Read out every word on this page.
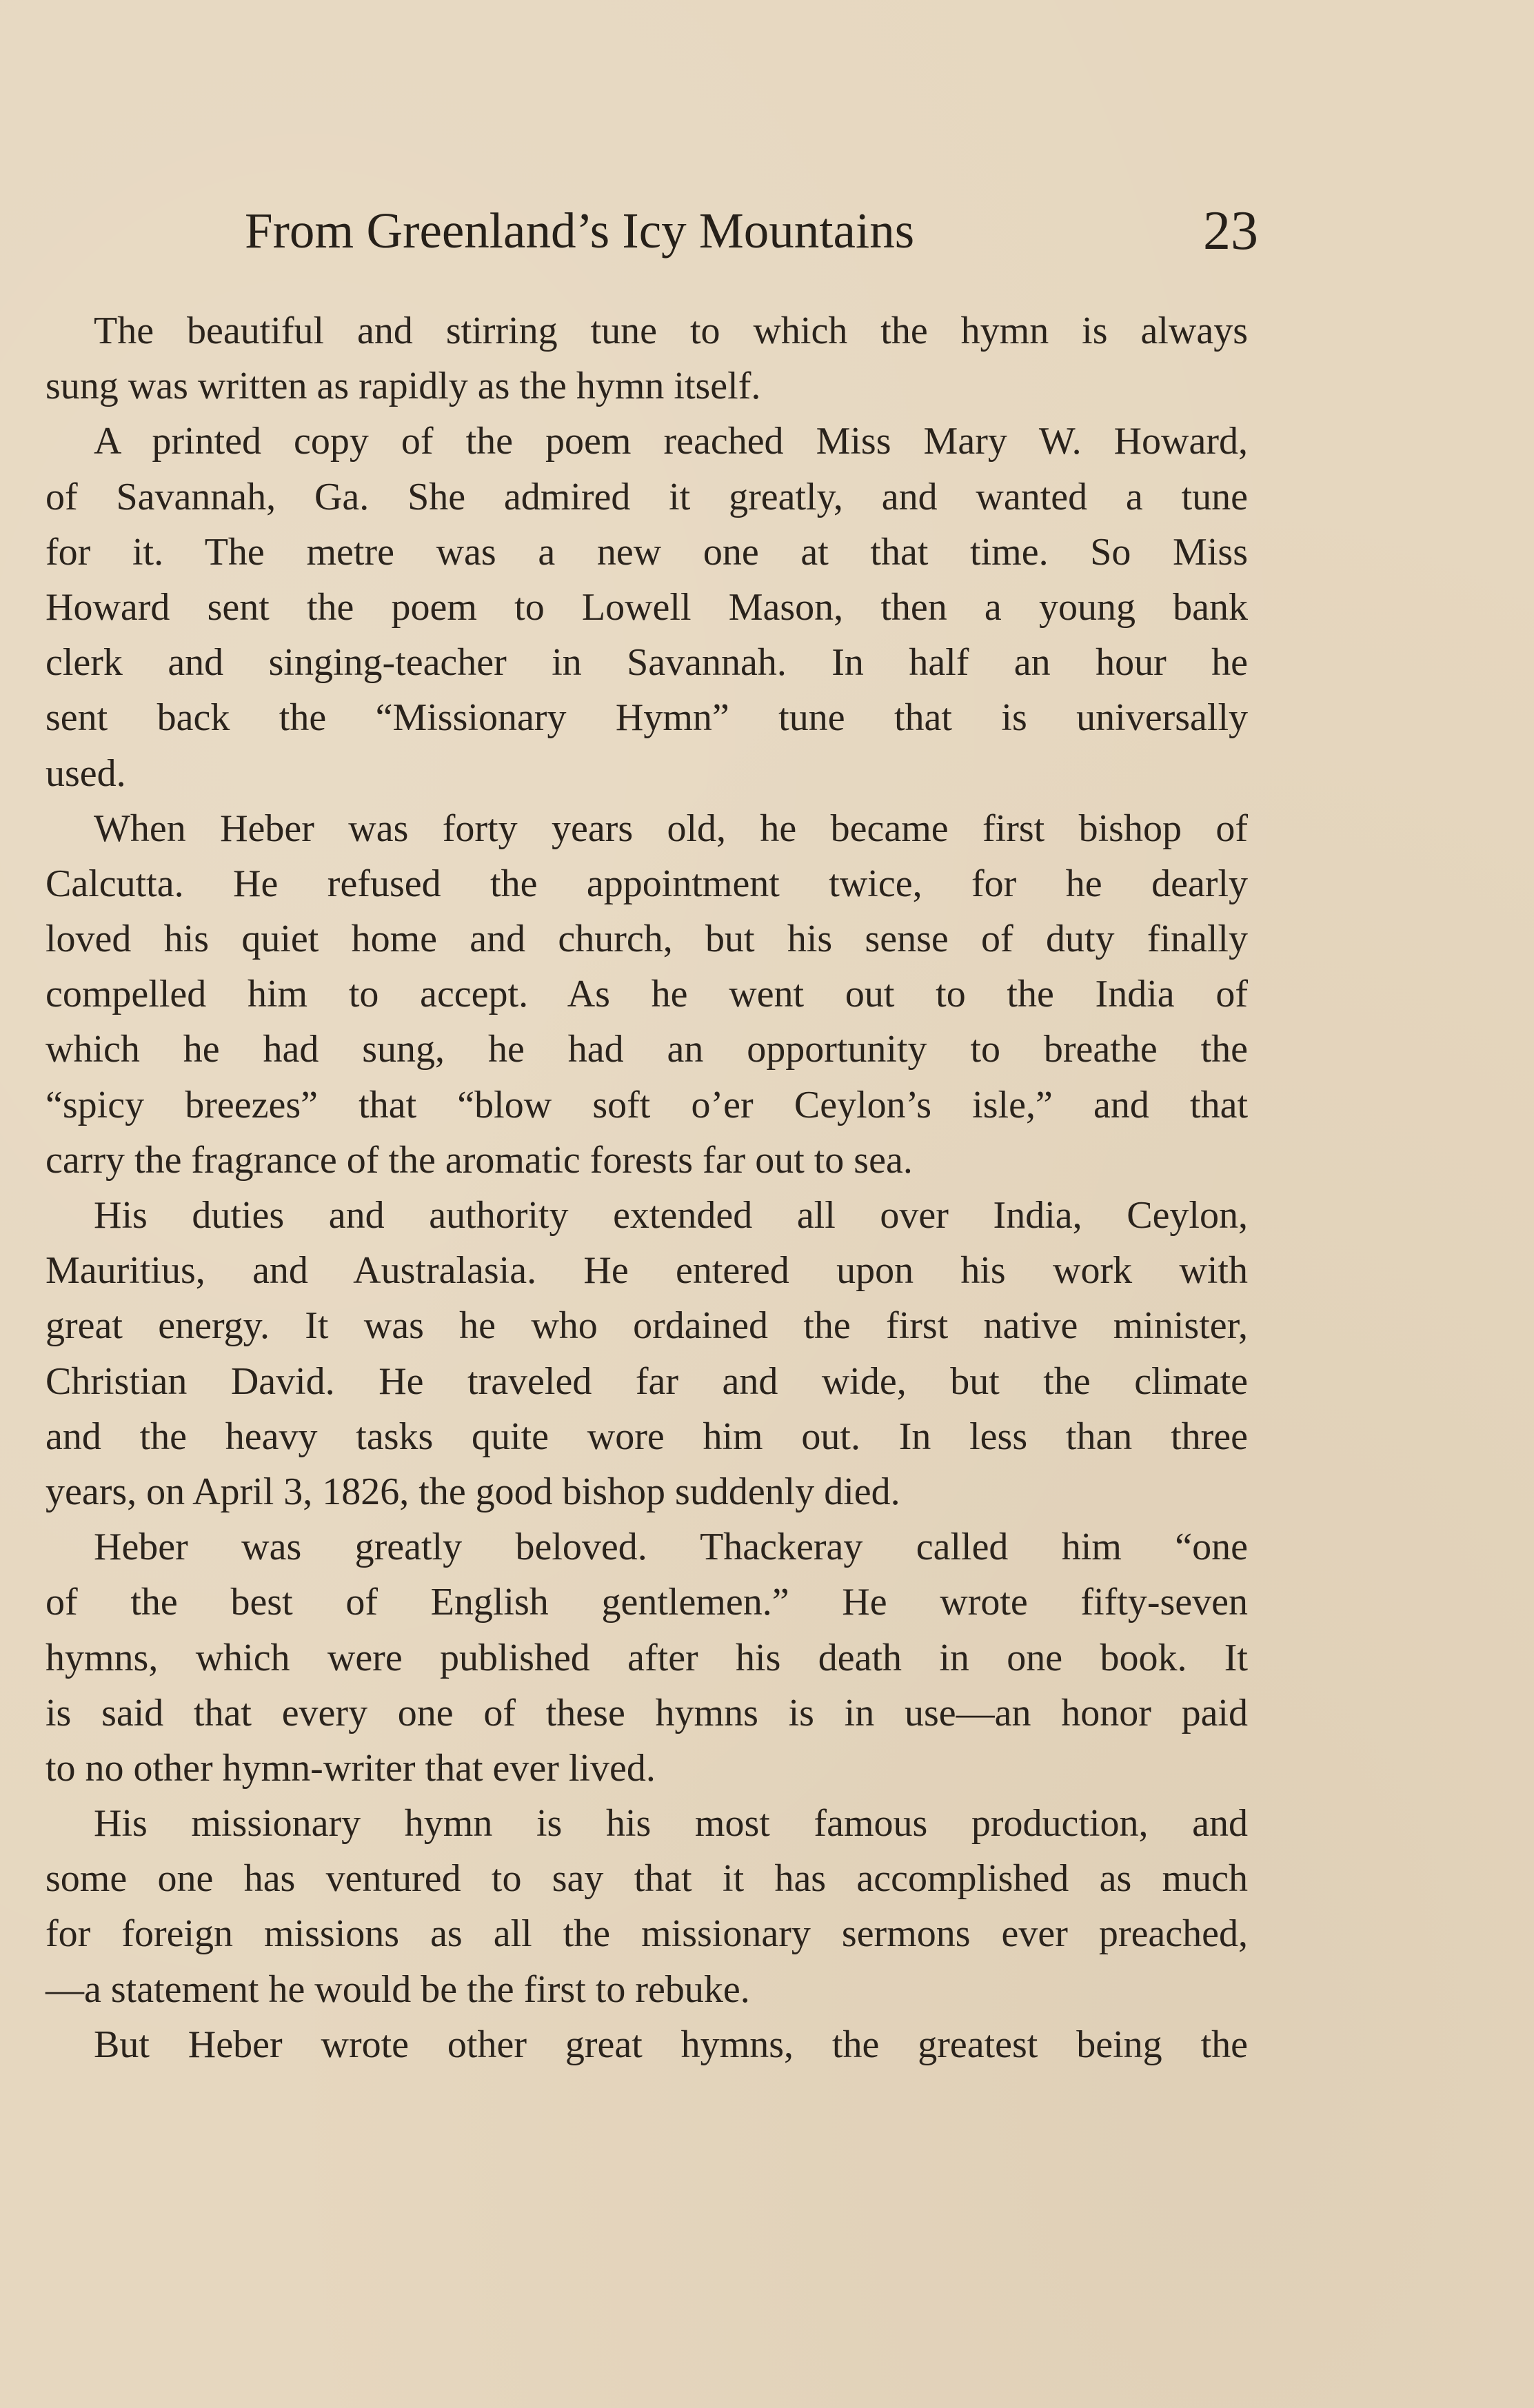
From Greenland’s Icy Mountains	23
The beautiful and stirring tune to which the hymn is always
sung was written as rapidly as the hymn itself.
A printed copy of the poem reached Miss Mary W. Howard,
of Savannah, Ga. She admired it greatly, and wanted a tune
for it. The metre was a new one at that time. So Miss
Howard sent the poem to Lowell Mason, then a young bank
clerk and singing-teacher in Savannah. In half an hour he
sent back the “Missionary Hymn” tune that is universally
used.
When Heber was forty years old, he became first bishop of
Calcutta. He refused the appointment twice, for he dearly
loved his quiet home and church, but his sense of duty finally
compelled him to accept. As he went out to the India of
which he had sung, he had an opportunity to breathe the
“spicy breezes” that “blow soft o’er Ceylon’s isle,” and that
carry the fragrance of the aromatic forests far out to sea.
His duties and authority extended all over India, Ceylon,
Mauritius, and Australasia. He entered upon his work with
great energy. It was he who ordained the first native minister,
Christian David. He traveled far and wide, but the climate
and the heavy tasks quite wore him out. In less than three
years, on April 3, 1826, the good bishop suddenly died.
Heber was greatly beloved. Thackeray called him “one
of the best of English gentlemen.” He wrote fifty-seven
hymns, which were published after his death in one book. It
is said that every one of these hymns is in use—an honor paid
to no other hymn-writer that ever lived.
His missionary hymn is his most famous production, and
some one has ventured to say that it has accomplished as much
for foreign missions as all the missionary sermons ever preached,
—a statement he would be the first to rebuke.
But Heber wrote other great hymns, the greatest being the
